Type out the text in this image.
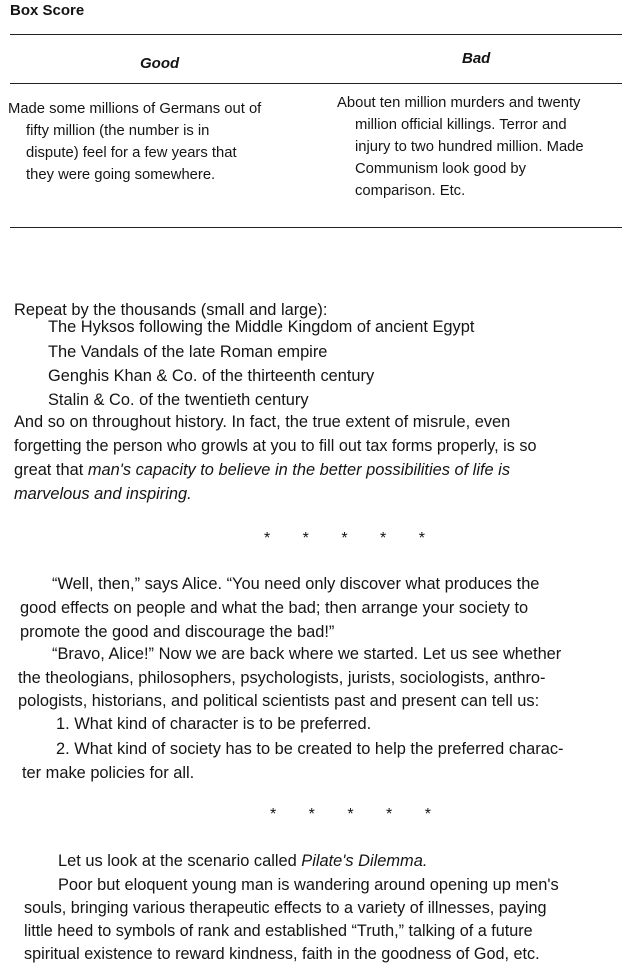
Box Score
Good	Bad
Made some millions of Germans out of
fifty million (the number is in
dispute) feel for a few years that
they were going somewhere.
About ten million murders and twenty
million official killings. Terror and
injury to two hundred million. Made
Communism look good by
comparison. Etc.
Repeat by the thousands (small and large):
The Hyksos following the Middle Kingdom of ancient Egypt
The Vandals of the late Roman empire
Genghis Khan & Co. of the thirteenth century
Stalin & Co. of the twentieth century
And so on throughout history. In fact, the true extent of misrule, even
forgetting the person who growls at you to fill out tax forms properly, is so
great that man's capacity to believe in the better possibilities of life is
marvelous and inspiring.
* * * * *
“Well, then,” says Alice. “You need only discover what produces the
good effects on people and what the bad; then arrange your society to
promote the good and discourage the bad!”
“Bravo, Alice!” Now we are back where we started. Let us see whether
the theologians, philosophers, psychologists, jurists, sociologists, anthro-
pologists, historians, and political scientists past and present can tell us:
1. What kind of character is to be preferred.
2. What kind of society has to be created to help the preferred charac-
ter make policies for all.
* * * * *
Let us look at the scenario called Pilate's Dilemma.
Poor but eloquent young man is wandering around opening up men's
souls, bringing various therapeutic effects to a variety of illnesses, paying
little heed to symbols of rank and established “Truth,” talking of a future
spiritual existence to reward kindness, faith in the goodness of God, etc.
